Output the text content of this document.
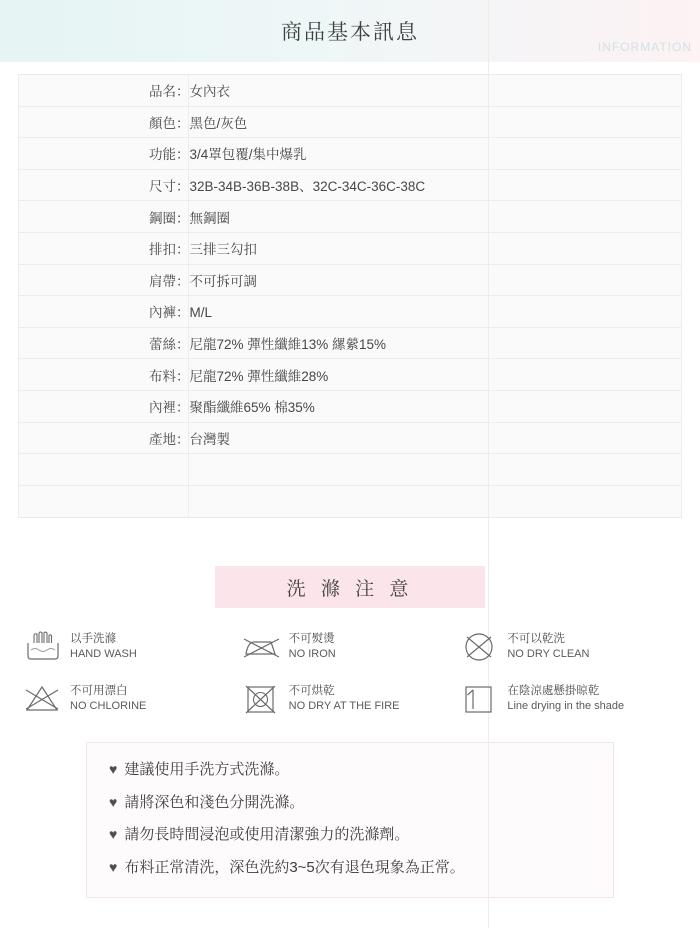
商品基本訊息
INFORMATION
品名：女內衣
顏色：黑色/灰色
功能：3/4罩包覆/集中爆乳
尺寸：32B-34B-36B-38B、32C-34C-36C-38C
鋼圈：無鋼圈
排扣：三排三勾扣
肩帶：不可拆可調
內褲：M/L
蕾絲：尼龍72% 彈性纖維13% 縲縈15%
布料：尼龍72% 彈性纖維28%
內裡：聚酯纖維65% 棉35%
產地：台灣製
洗 滌 注 意
以手洗滌
HAND WASH
不可熨燙
NO IRON
不可以乾洗
NO DRY CLEAN
不可用漂白
NO CHLORINE
不可烘乾
NO DRY AT THE FIRE
在陰涼處懸掛晾乾
Line drying in the shade
♥ 建議使用手洗方式洗滌。
♥ 請將深色和淺色分開洗滌。
♥ 請勿長時間浸泡或使用清潔強力的洗滌劑。
♥ 布料正常清洗，深色洗約3~5次有退色現象為正常。
